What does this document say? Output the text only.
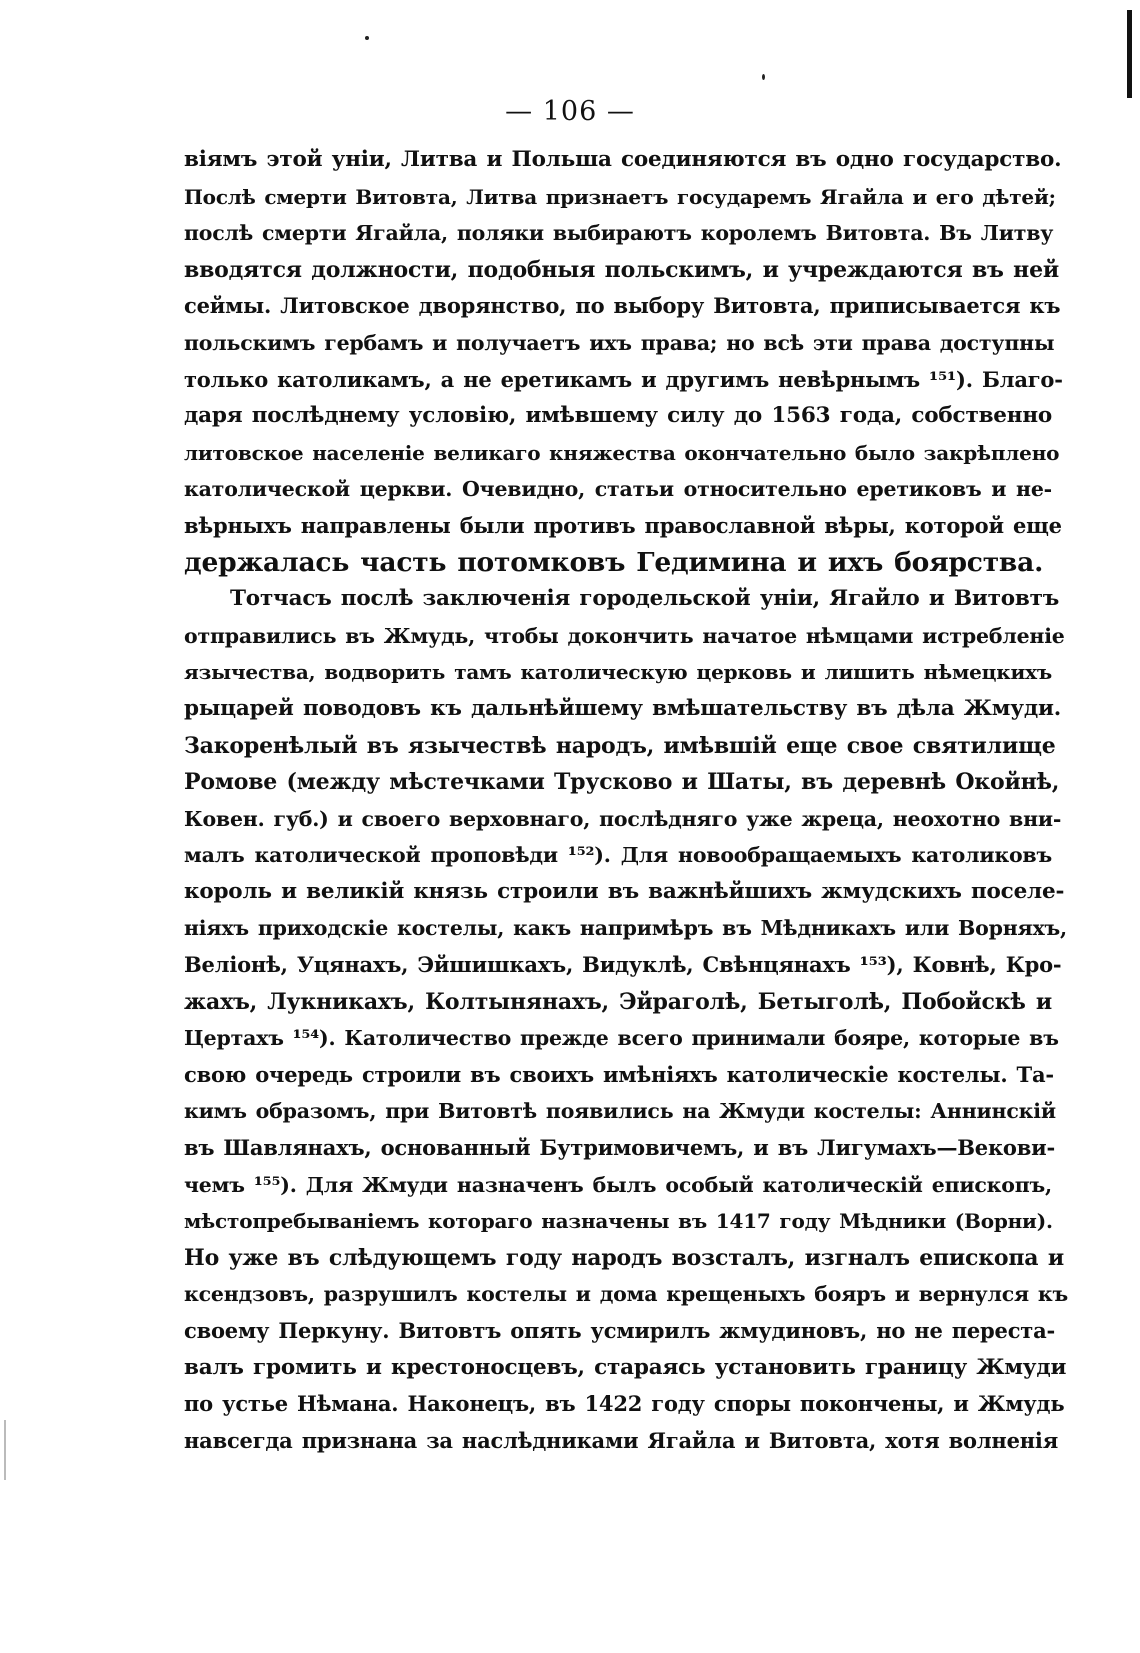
— 106 —
віямъ этой уніи, Литва и Польша соединяются въ одно государство.
Послѣ смерти Витовта, Литва признаетъ государемъ Ягайла и его дѣтей;
послѣ смерти Ягайла, поляки выбираютъ королемъ Витовта. Въ Литву
вводятся должности, подобныя польскимъ, и учреждаются въ ней
сеймы. Литовское дворянство, по выбору Витовта, приписывается къ
польскимъ гербамъ и получаетъ ихъ права; но всѣ эти права доступны
только католикамъ, а не еретикамъ и другимъ невѣрнымъ ¹⁵¹). Благо-
даря послѣднему условію, имѣвшему силу до 1563 года, собственно
литовское населеніе великаго княжества окончательно было закрѣплено
католической церкви. Очевидно, статьи относительно еретиковъ и не-
вѣрныхъ направлены были противъ православной вѣры, которой еще
держалась часть потомковъ Гедимина и ихъ боярства.
Тотчасъ послѣ заключенія городельской уніи, Ягайло и Витовтъ
отправились въ Жмудь, чтобы докончить начатое нѣмцами истребленіе
язычества, водворить тамъ католическую церковь и лишить нѣмецкихъ
рыцарей поводовъ къ дальнѣйшему вмѣшательству въ дѣла Жмуди.
Закоренѣлый въ язычествѣ народъ, имѣвшій еще свое святилище
Ромове (между мѣстечками Трусково и Шаты, въ деревнѣ Окойнѣ,
Ковен. губ.) и своего верховнаго, послѣдняго уже жреца, неохотно вни-
малъ католической проповѣди ¹⁵²). Для новообращаемыхъ католиковъ
король и великій князь строили въ важнѣйшихъ жмудскихъ поселе-
ніяхъ приходскіе костелы, какъ напримѣръ въ Мѣдникахъ или Ворняхъ,
Веліонѣ, Уцянахъ, Эйшишкахъ, Видуклѣ, Свѣнцянахъ ¹⁵³), Ковнѣ, Кро-
жахъ, Лукникахъ, Колтынянахъ, Эйраголѣ, Бетыголѣ, Побойскѣ и
Цертахъ ¹⁵⁴). Католичество прежде всего принимали бояре, которые въ
свою очередь строили въ своихъ имѣніяхъ католическіе костелы. Та-
кимъ образомъ, при Витовтѣ появились на Жмуди костелы: Аннинскій
въ Шавлянахъ, основанный Бутримовичемъ, и въ Лигумахъ—Векови-
чемъ ¹⁵⁵). Для Жмуди назначенъ былъ особый католическій епископъ,
мѣстопребываніемъ котораго назначены въ 1417 году Мѣдники (Ворни).
Но уже въ слѣдующемъ году народъ возсталъ, изгналъ епископа и
ксендзовъ, разрушилъ костелы и дома крещеныхъ бояръ и вернулся къ
своему Перкуну. Витовтъ опять усмирилъ жмудиновъ, но не переста-
валъ громить и крестоносцевъ, стараясь установить границу Жмуди
по устье Нѣмана. Наконецъ, въ 1422 году споры покончены, и Жмудь
навсегда признана за наслѣдниками Ягайла и Витовта, хотя волненія
